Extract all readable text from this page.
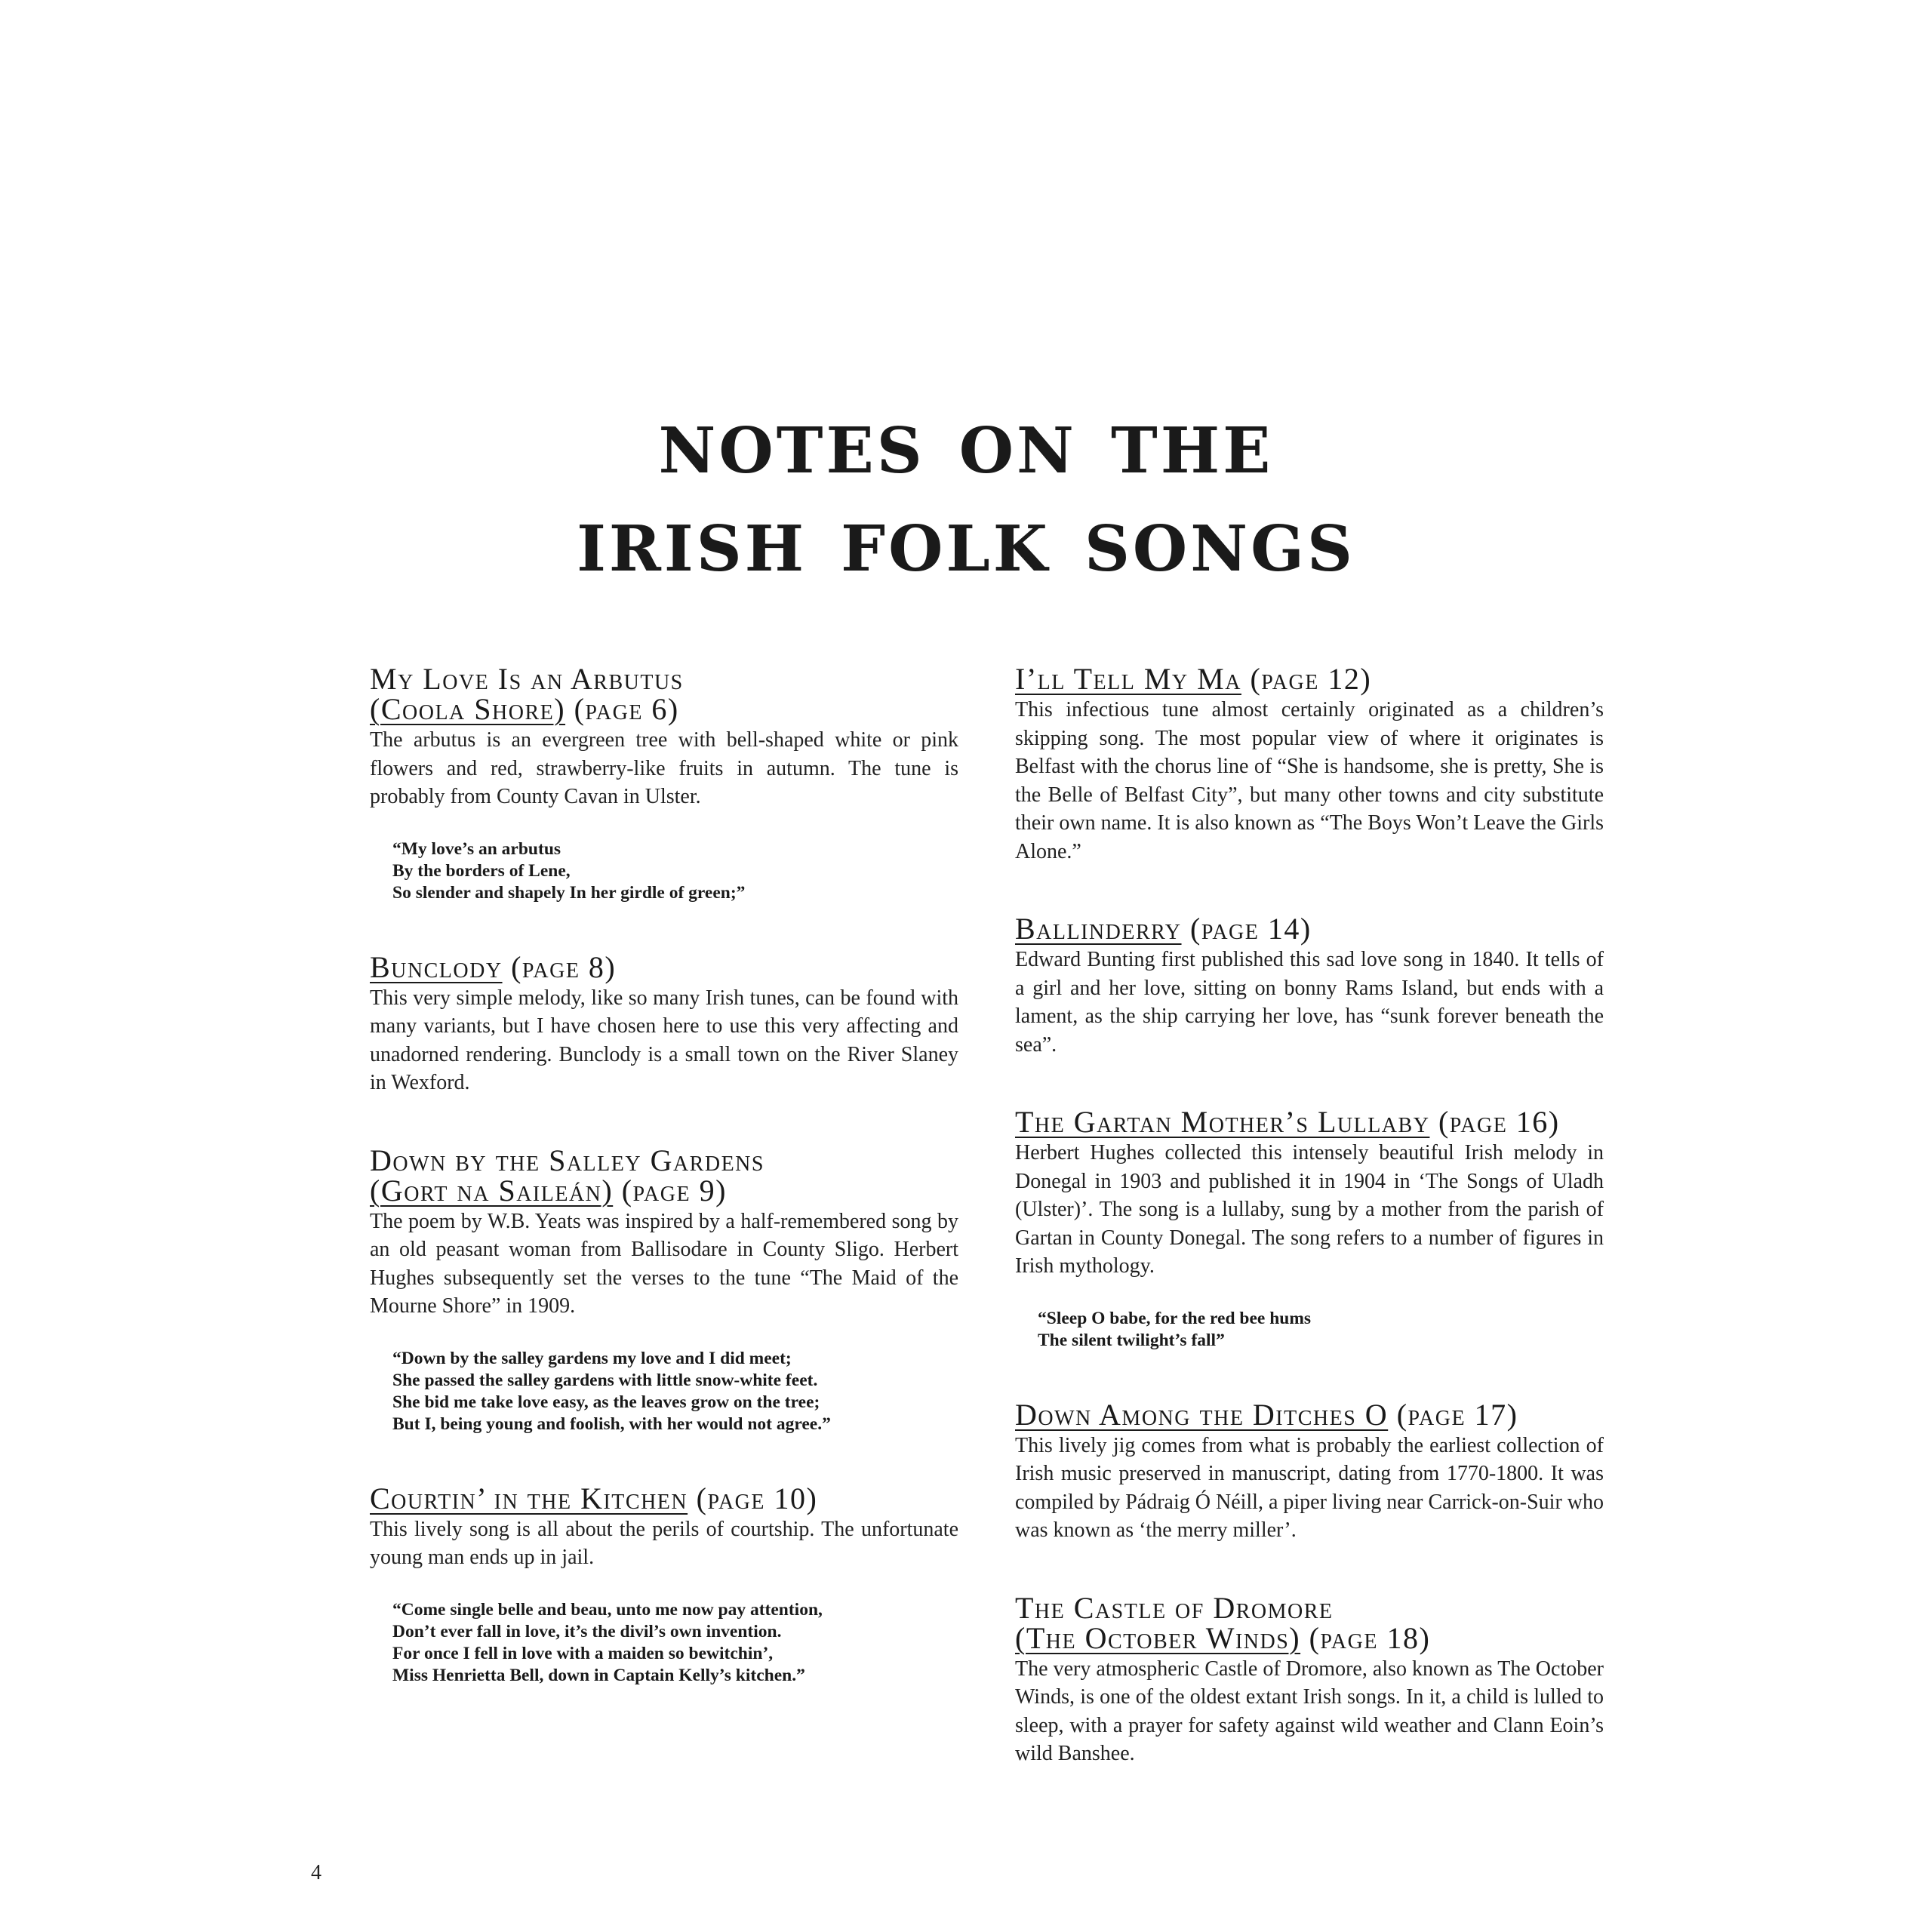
notes on the
irish folk songs
My Love Is an Arbutus
(Coola Shore) (page 6)

The arbutus is an evergreen tree with bell-shaped white or pink flowers and red, strawberry-like fruits in autumn. The tune is probably from County Cavan in Ulster.

“My love’s an arbutus
By the borders of Lene,
So slender and shapely In her girdle of green;”
Bunclody (page 8)

This very simple melody, like so many Irish tunes, can be found with many variants, but I have chosen here to use this very affecting and unadorned rendering. Bunclody is a small town on the River Slaney in Wexford.

Down by the Salley Gardens
(Gort na Saileán) (page 9)

The poem by W.B. Yeats was inspired by a half-remembered song by an old peasant woman from Ballisodare in County Sligo. Herbert Hughes subsequently set the verses to the tune “The Maid of the Mourne Shore” in 1909.

“Down by the salley gardens my love and I did meet;
She passed the salley gardens with little snow-white feet.
She bid me take love easy, as the leaves grow on the tree;
But I, being young and foolish, with her would not agree.”
Courtin’ in the Kitchen (page 10)

This lively song is all about the perils of courtship. The unfortunate young man ends up in jail.

“Come single belle and beau, unto me now pay attention,
Don’t ever fall in love, it’s the divil’s own invention.
For once I fell in love with a maiden so bewitchin’,
Miss Henrietta Bell, down in Captain Kelly’s kitchen.”
I’ll Tell My Ma (page 12)

This infectious tune almost certainly originated as a children’s skipping song. The most popular view of where it originates is Belfast with the chorus line of “She is handsome, she is pretty, She is the Belle of Belfast City”, but many other towns and city substitute their own name. It is also known as “The Boys Won’t Leave the Girls Alone.”

Ballinderry (page 14)

Edward Bunting first published this sad love song in 1840. It tells of a girl and her love, sitting on bonny Rams Island, but ends with a lament, as the ship carrying her love, has “sunk forever beneath the sea”.

The Gartan Mother’s Lullaby (page 16)

Herbert Hughes collected this intensely beautiful Irish melody in Donegal in 1903 and published it in 1904 in ‘The Songs of Uladh (Ulster)’. The song is a lullaby, sung by a mother from the parish of Gartan in County Donegal. The song refers to a number of figures in Irish mythology.

“Sleep O babe, for the red bee hums
The silent twilight’s fall”
Down Among the Ditches O (page 17)

This lively jig comes from what is probably the earliest collection of Irish music preserved in manuscript, dating from 1770-1800. It was compiled by Pádraig Ó Néill, a piper living near Carrick-on-Suir who was known as ‘the merry miller’.

The Castle of Dromore
(The October Winds) (page 18)

The very atmospheric Castle of Dromore, also known as The October Winds, is one of the oldest extant Irish songs. In it, a child is lulled to sleep, with a prayer for safety against wild weather and Clann Eoin’s wild Banshee.

4
